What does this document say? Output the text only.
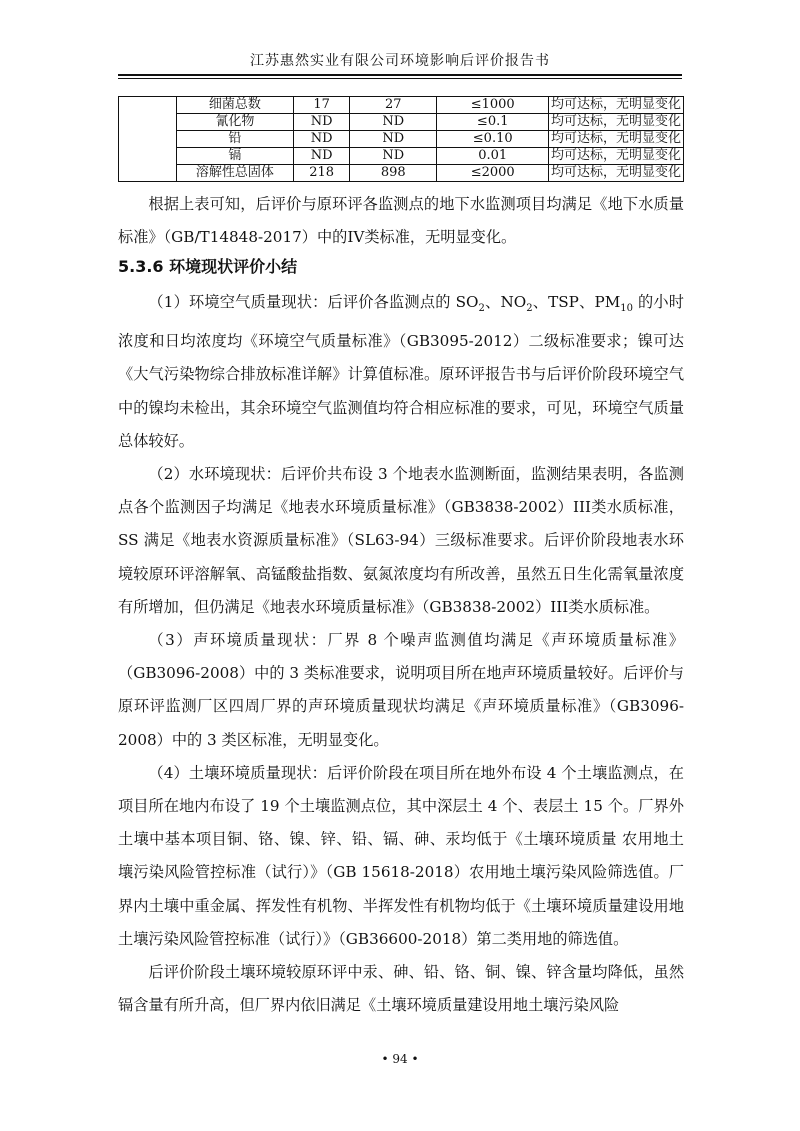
江苏惠然实业有限公司环境影响后评价报告书
	细菌总数	17	27	≤1000	均可达标，无明显变化
	氰化物	ND	ND	≤0.1	均可达标，无明显变化
	铅	ND	ND	≤0.10	均可达标，无明显变化
	镉	ND	ND	0.01	均可达标，无明显变化
	溶解性总固体	218	898	≤2000	均可达标，无明显变化

根据上表可知，后评价与原环评各监测点的地下水监测项目均满足《地下水质量标准》（GB/T14848-2017）中的IV类标准，无明显变化。

5.3.6 环境现状评价小结

（1）环境空气质量现状：后评价各监测点的 $SO_2$、$NO_2$、TSP、$PM_{10}$ 的小时浓度和日均浓度均《环境空气质量标准》（GB3095-2012）二级标准要求；镍可达《大气污染物综合排放标准详解》计算值标准。原环评报告书与后评价阶段环境空气中的镍均未检出，其余环境空气监测值均符合相应标准的要求，可见，环境空气质量总体较好。

（2）水环境现状：后评价共布设 3 个地表水监测断面，监测结果表明，各监测点各个监测因子均满足《地表水环境质量标准》（GB3838-2002）III类水质标准，SS 满足《地表水资源质量标准》（SL63-94）三级标准要求。后评价阶段地表水环境较原环评溶解氧、高锰酸盐指数、氨氮浓度均有所改善，虽然五日生化需氧量浓度有所增加，但仍满足《地表水环境质量标准》（GB3838-2002）III类水质标准。

（3）声环境质量现状：厂界 8 个噪声监测值均满足《声环境质量标准》（GB3096-2008）中的 3 类标准要求，说明项目所在地声环境质量较好。后评价与原环评监测厂区四周厂界的声环境质量现状均满足《声环境质量标准》（GB3096-2008）中的 3 类区标准，无明显变化。

（4）土壤环境质量现状：后评价阶段在项目所在地外布设 4 个土壤监测点，在项目所在地内布设了 19 个土壤监测点位，其中深层土 4 个、表层土 15 个。厂界外土壤中基本项目铜、铬、镍、锌、铅、镉、砷、汞均低于《土壤环境质量 农用地土壤污染风险管控标准（试行）》（GB 15618-2018）农用地土壤污染风险筛选值。厂界内土壤中重金属、挥发性有机物、半挥发性有机物均低于《土壤环境质量建设用地土壤污染风险管控标准（试行）》（GB36600-2018）第二类用地的筛选值。

后评价阶段土壤环境较原环评中汞、砷、铅、铬、铜、镍、锌含量均降低，虽然镉含量有所升高，但厂界内依旧满足《土壤环境质量建设用地土壤污染风险

• 94 •
